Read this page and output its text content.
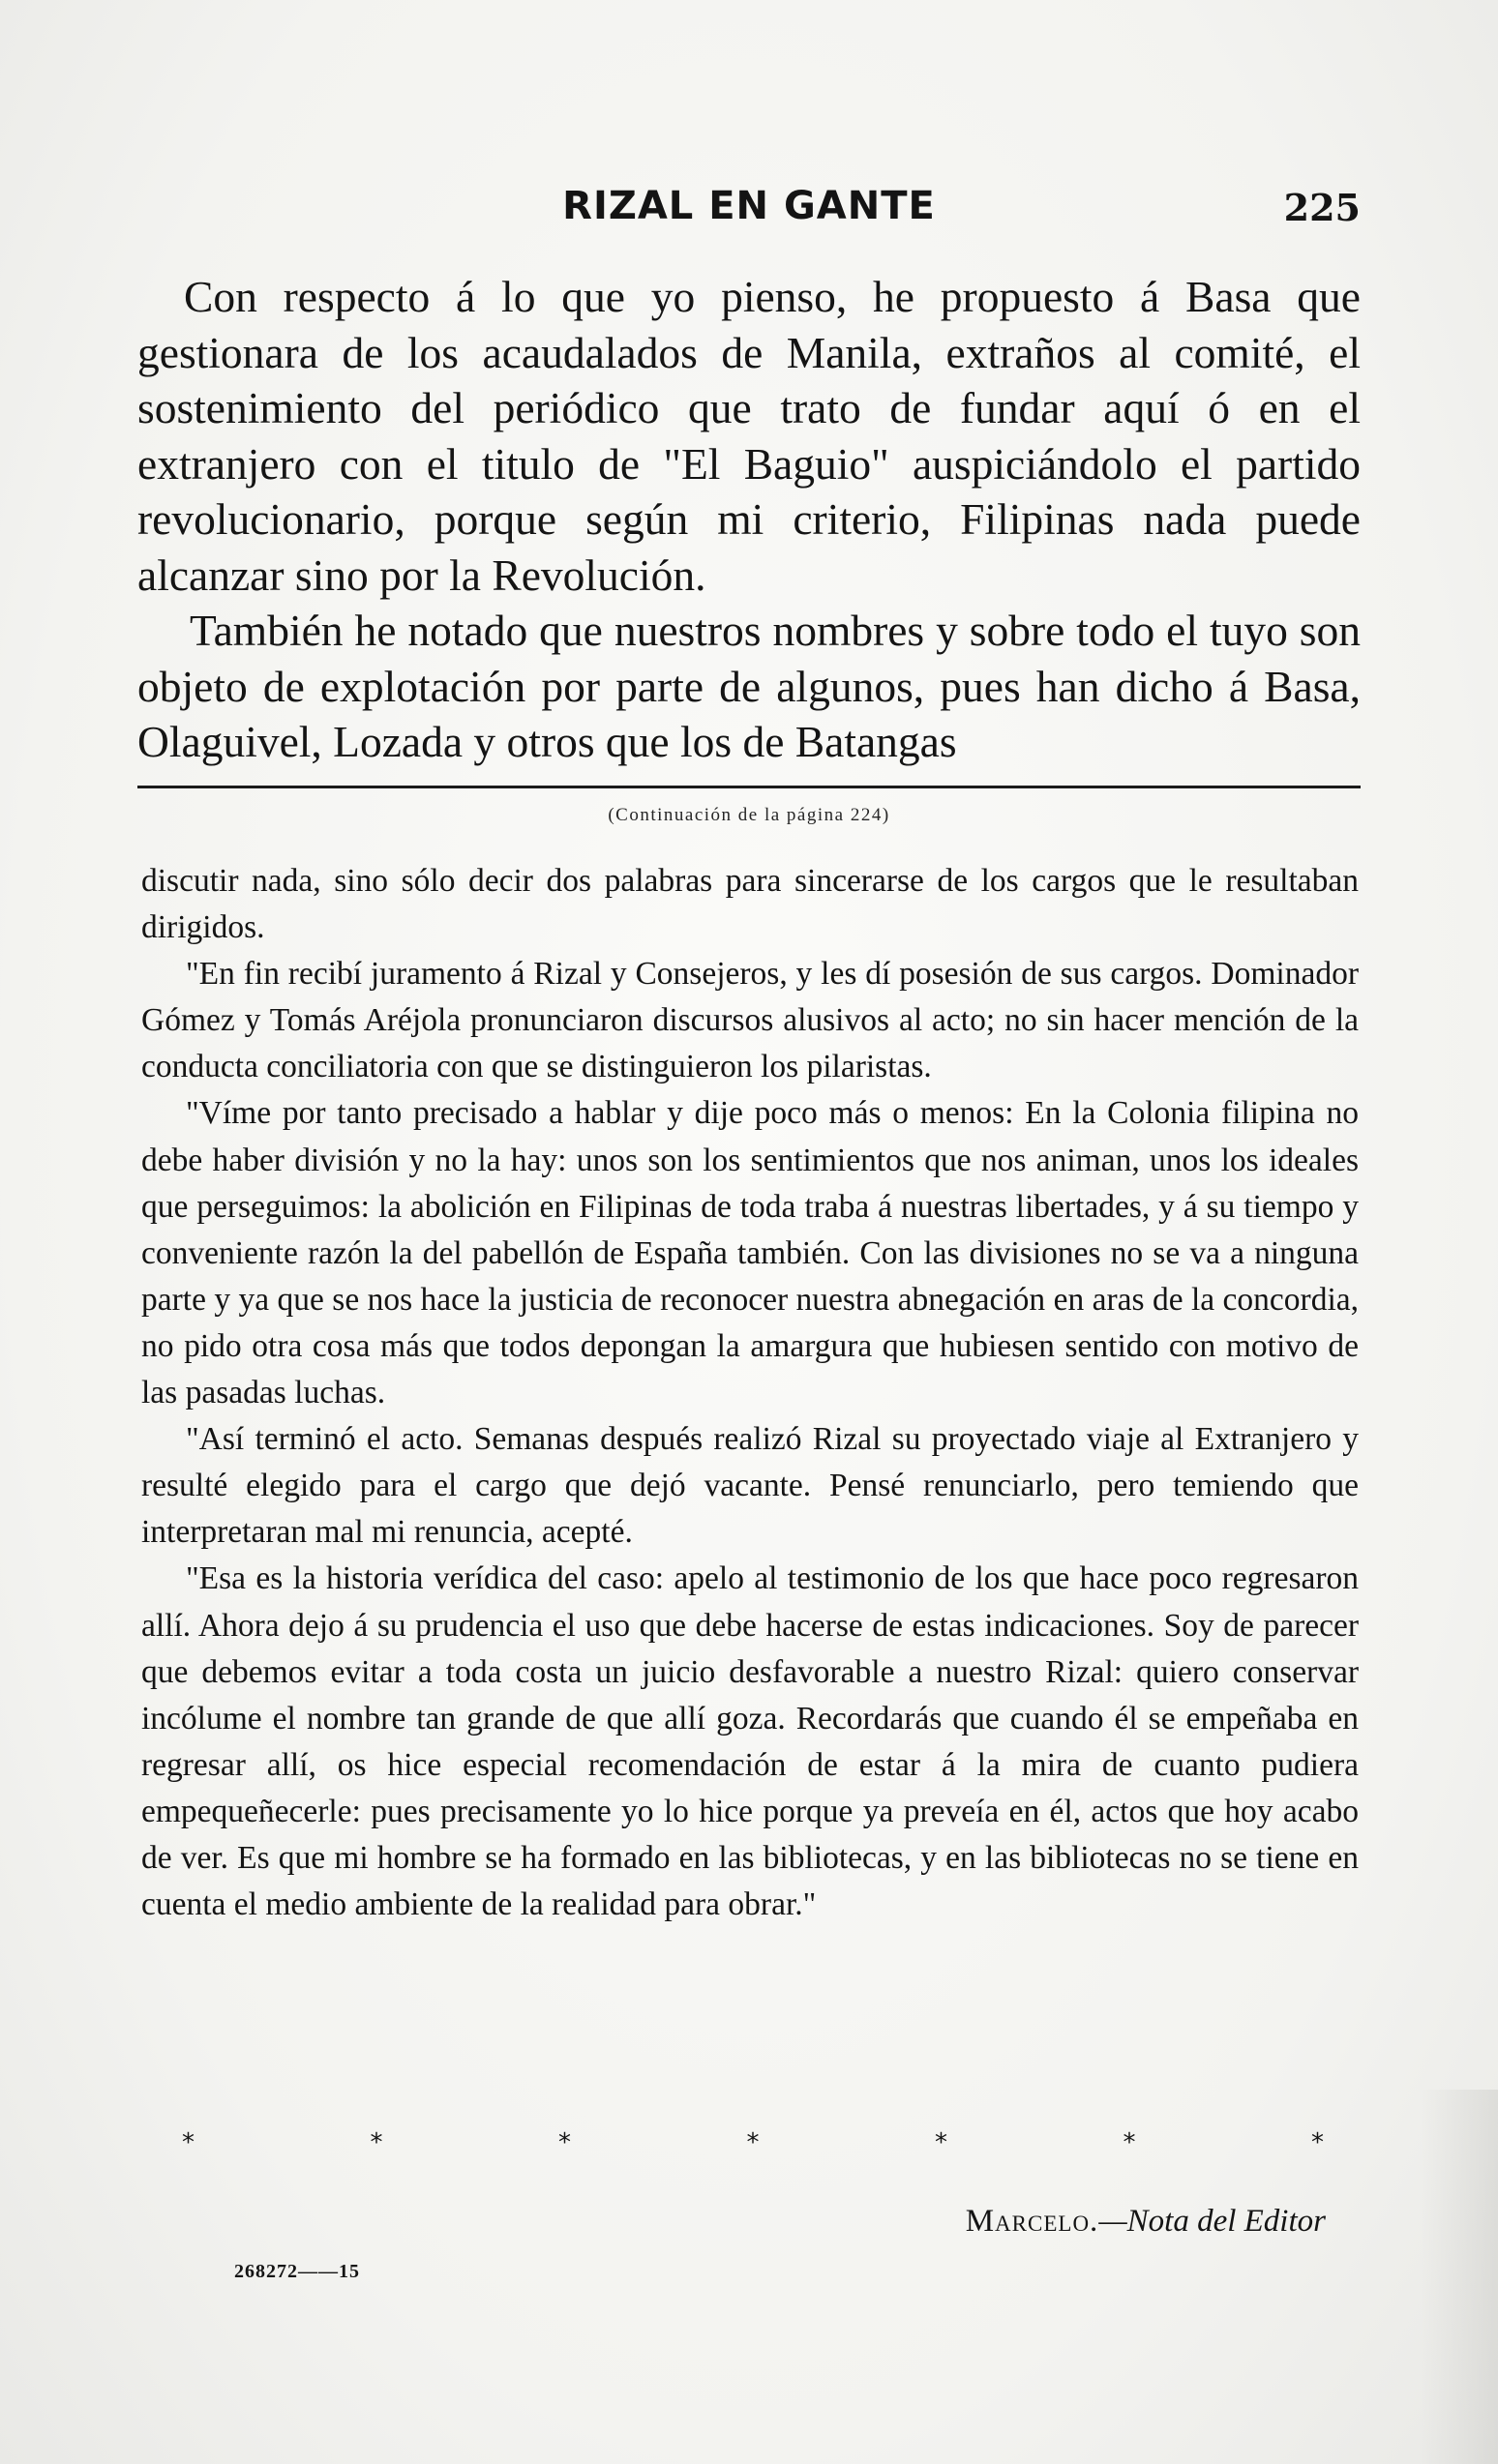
RIZAL EN GANTE	225

Con respecto á lo que yo pienso, he propuesto á Basa que gestionara de los acaudalados de Manila, extraños al comité, el sostenimiento del periódico que trato de fundar aquí ó en el extranjero con el titulo de "El Baguio" auspiciándolo el partido revolucionario, porque según mi criterio, Filipinas nada puede alcanzar sino por la Revolución.

También he notado que nuestros nombres y sobre todo el tuyo son objeto de explotación por parte de algunos, pues han dicho á Basa, Olaguivel, Lozada y otros que los de Batangas

(Continuación de la página 224)

discutir nada, sino sólo decir dos palabras para sincerarse de los cargos que le resultaban dirigidos.

"En fin recibí juramento á Rizal y Consejeros, y les dí posesión de sus cargos. Dominador Gómez y Tomás Aréjola pronunciaron discursos alusivos al acto; no sin hacer mención de la conducta conciliatoria con que se distinguieron los pilaristas.

"Víme por tanto precisado a hablar y dije poco más o menos: En la Colonia filipina no debe haber división y no la hay: unos son los sentimientos que nos animan, unos los ideales que perseguimos: la abolición en Filipinas de toda traba á nuestras libertades, y á su tiempo y conveniente razón la del pabellón de España también. Con las divisiones no se va a ninguna parte y ya que se nos hace la justicia de reconocer nuestra abnegación en aras de la concordia, no pido otra cosa más que todos depongan la amargura que hubiesen sentido con motivo de las pasadas luchas.

"Así terminó el acto. Semanas después realizó Rizal su proyectado viaje al Extranjero y resulté elegido para el cargo que dejó vacante. Pensé renunciarlo, pero temiendo que interpretaran mal mi renuncia, acepté.

"Esa es la historia verídica del caso: apelo al testimonio de los que hace poco regresaron allí. Ahora dejo á su prudencia el uso que debe hacerse de estas indicaciones. Soy de parecer que debemos evitar a toda costa un juicio desfavorable a nuestro Rizal: quiero conservar incólume el nombre tan grande de que allí goza. Recordarás que cuando él se empeñaba en regresar allí, os hice especial recomendación de estar á la mira de cuanto pudiera empequeñecerle: pues precisamente yo lo hice porque ya preveía en él, actos que hoy acabo de ver. Es que mi hombre se ha formado en las bibliotecas, y en las bibliotecas no se tiene en cuenta el medio ambiente de la realidad para obrar."

*	*	*	*	*	*	*
Marcelo.—Nota del Editor
268272——15
